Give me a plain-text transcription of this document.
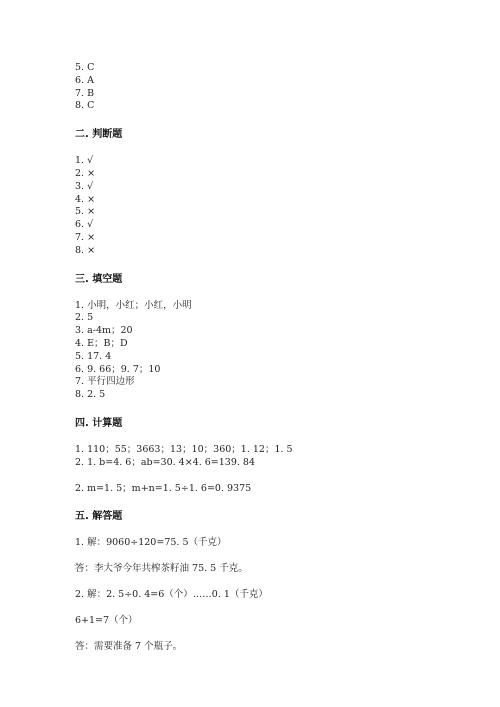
5. C
6. A
7. B
8. C
二. 判断题
1. √
2. ×
3. √
4. ×
5. ×
6. √
7. ×
8. ×
三. 填空题
1. 小明，小红；小红，小明
2. 5
3. a-4m；20
4. E；B；D
5. 17. 4
6. 9. 66；9. 7；10
7. 平行四边形
8. 2. 5
四. 计算题
1. 110；55；3663；13；10；360；1. 12；1. 5
2. 1. b=4. 6；ab=30. 4×4. 6=139. 84
2. m=1. 5；m+n=1. 5÷1. 6=0. 9375
五. 解答题
1. 解：9060÷120=75. 5（千克）
答：李大爷今年共榨茶籽油 75. 5 千克。
2. 解：2. 5÷0. 4=6（个）……0. 1（千克）
6+1=7（个）
答：需要准备 7 个瓶子。
